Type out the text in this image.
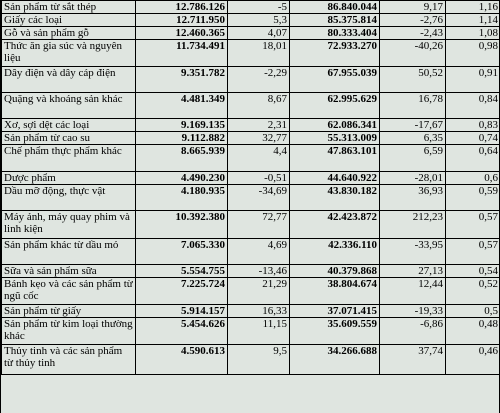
Sản phẩm từ sắt thép	12.786.126	-5	86.840.044	9,17	1,16
Giấy các loại	12.711.950	5,3	85.375.814	-2,76	1,14
Gỗ và sản phẩm gỗ	12.460.365	4,07	80.333.404	-2,43	1,08
Thức ăn gia súc và nguyên liệu	11.734.491	18,01	72.933.270	-40,26	0,98
Dây điện và dây cáp điện	9.351.782	-2,29	67.955.039	50,52	0,91
Quặng và khoáng sản khác	4.481.349	8,67	62.995.629	16,78	0,84
Xơ, sợi dệt các loại	9.169.135	2,31	62.086.341	-17,67	0,83
Sản phẩm từ cao su	9.112.882	32,77	55.313.009	6,35	0,74
Chế phẩm thực phẩm khác	8.665.939	4,4	47.863.101	6,59	0,64
Dược phẩm	4.490.230	-0,51	44.640.922	-28,01	0,6
Dầu mỡ động, thực vật	4.180.935	-34,69	43.830.182	36,93	0,59
Máy ảnh, máy quay phim và linh kiện	10.392.380	72,77	42.423.872	212,23	0,57
Sản phẩm khác từ dầu mỏ	7.065.330	4,69	42.336.110	-33,95	0,57
Sữa và sản phẩm sữa	5.554.755	-13,46	40.379.868	27,13	0,54
Bánh kẹo và các sản phẩm từ ngũ cốc	7.225.724	21,29	38.804.674	12,44	0,52
Sản phẩm từ giấy	5.914.157	16,33	37.071.415	-19,33	0,5
Sản phẩm từ kim loại thường khác	5.454.626	11,15	35.609.559	-6,86	0,48
Thủy tinh và các sản phẩm từ thủy tinh	4.590.613	9,5	34.266.688	37,74	0,46
